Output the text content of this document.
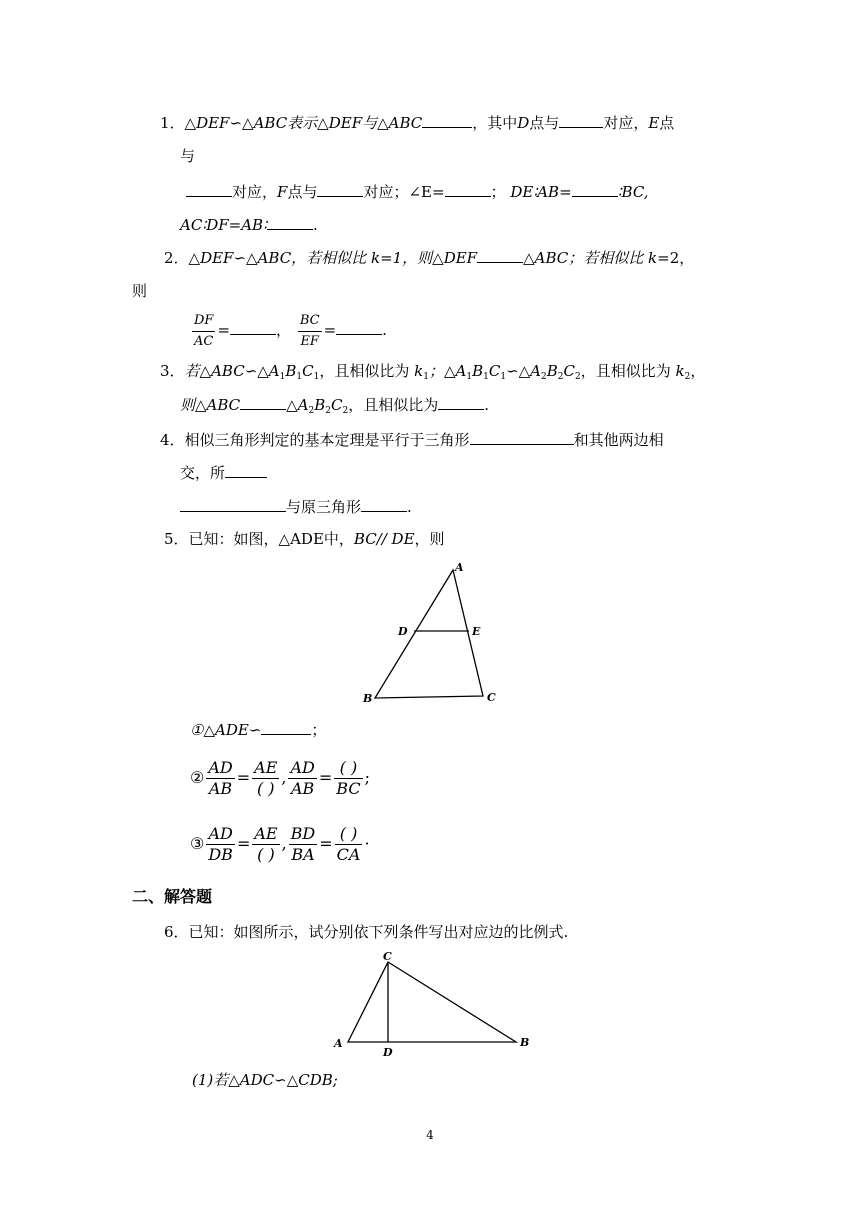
1．△DEF∽△ABC表示△DEF与△ABC	，其中D点与	对应，E点
与
对应，F点与	对应；∠E=	； DE∶AB=	∶BC,
AC∶DF=AB∶	.
2．△DEF∽△ABC，若相似比 k=1，则△DEF	△ABC；若相似比 k=2，
则
$\frac{DF}{AC}$ =	， $\frac{BC}{EF}$ =	.
3．若$\triangle ABC∽\triangle A_1B_1C_1$，且相似比为 $k_1$；$\triangle A_1B_1C_1∽\triangle A_2B_2C_2$，且相似比为 $k_2$，
则△ABC	$\triangle A_2B_2C_2$，且相似比为	.
4．相似三角形判定的基本定理是平行于三角形	和其他两边相
交，所
与原三角形	.
5．已知：如图，△ADE中，BC// DE，则
A
D	E
B	C
①△ADE∽	；
② $\frac{AD}{AB}$ =
AE
( )
, $\frac{AD}{AB}$ =
( )
BC
;
③ $\frac{AD}{DB}$ =
AE
( )
, $\frac{BD}{BA}$ =
( )
CA
·
二、解答题
6．已知：如图所示，试分别依下列条件写出对应边的比例式.
C
A
D
B
(1)若△ADC∽△CDB;
4
